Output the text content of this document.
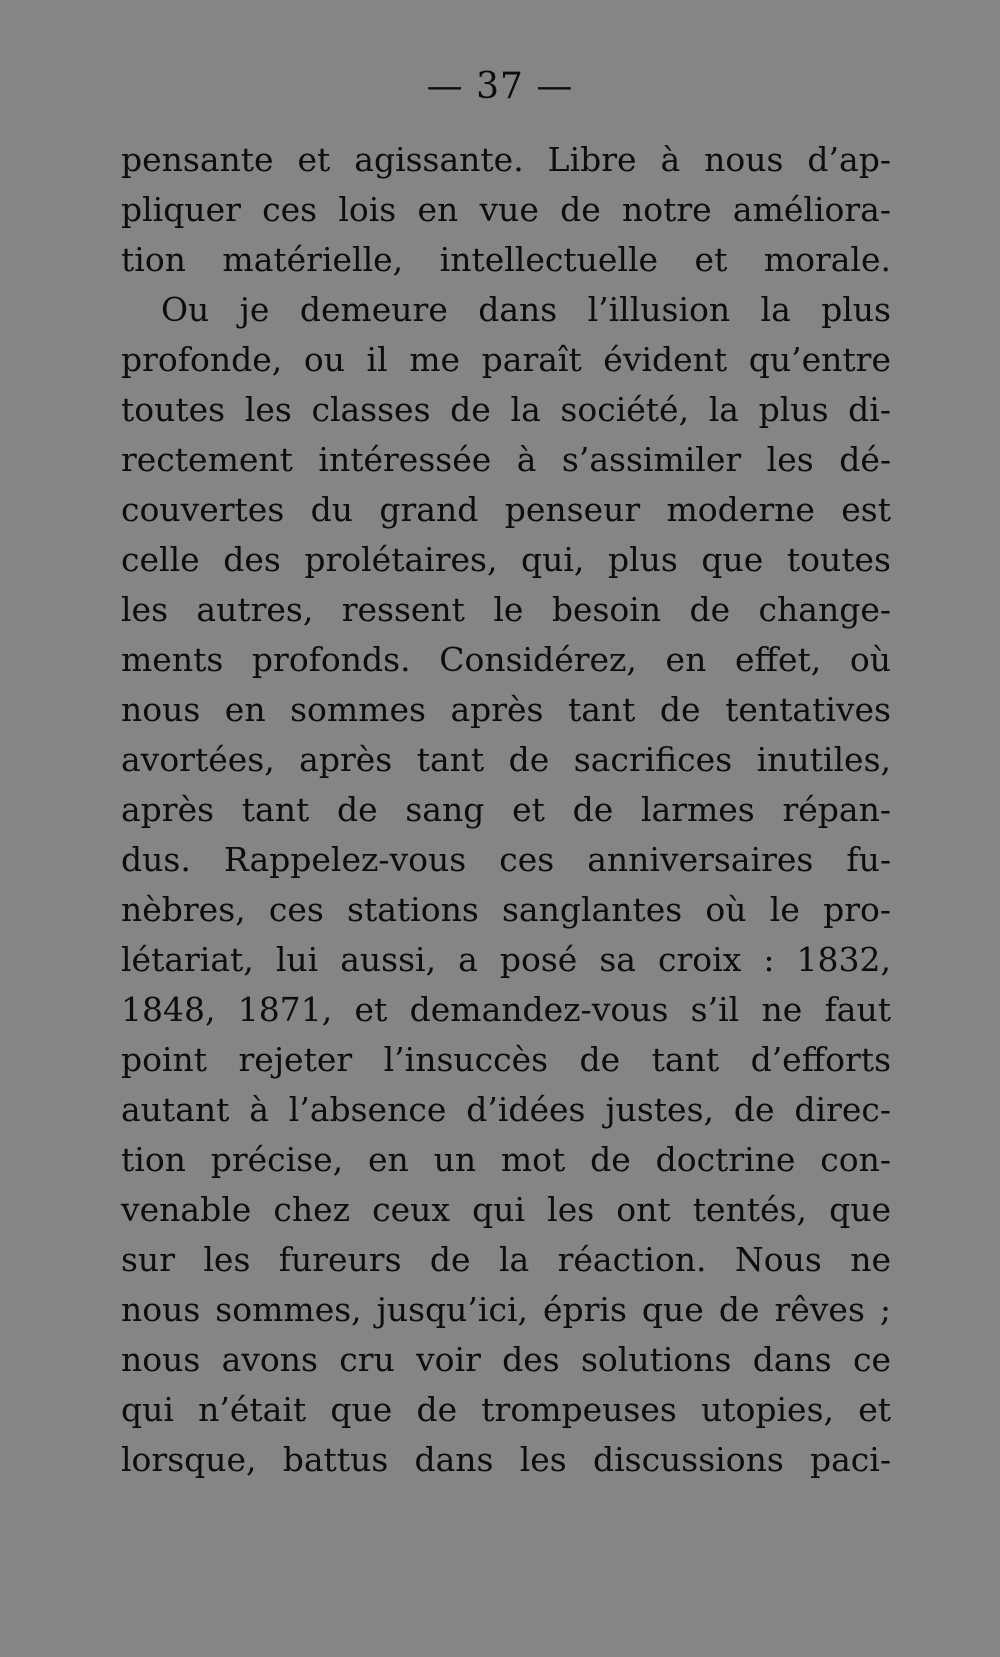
— 37 —
pensante et agissante. Libre à nous d’ap-
pliquer ces lois en vue de notre améliora-
tion matérielle, intellectuelle et morale.
Ou je demeure dans l’illusion la plus
profonde, ou il me paraît évident qu’entre
toutes les classes de la société, la plus di-
rectement intéressée à s’assimiler les dé-
couvertes du grand penseur moderne est
celle des prolétaires, qui, plus que toutes
les autres, ressent le besoin de change-
ments profonds. Considérez, en effet, où
nous en sommes après tant de tentatives
avortées, après tant de sacrifices inutiles,
après tant de sang et de larmes répan-
dus. Rappelez-vous ces anniversaires fu-
nèbres, ces stations sanglantes où le pro-
létariat, lui aussi, a posé sa croix : 1832,
1848, 1871, et demandez-vous s’il ne faut
point rejeter l’insuccès de tant d’efforts
autant à l’absence d’idées justes, de direc-
tion précise, en un mot de doctrine con-
venable chez ceux qui les ont tentés, que
sur les fureurs de la réaction. Nous ne
nous sommes, jusqu’ici, épris que de rêves ;
nous avons cru voir des solutions dans ce
qui n’était que de trompeuses utopies, et
lorsque, battus dans les discussions paci-
